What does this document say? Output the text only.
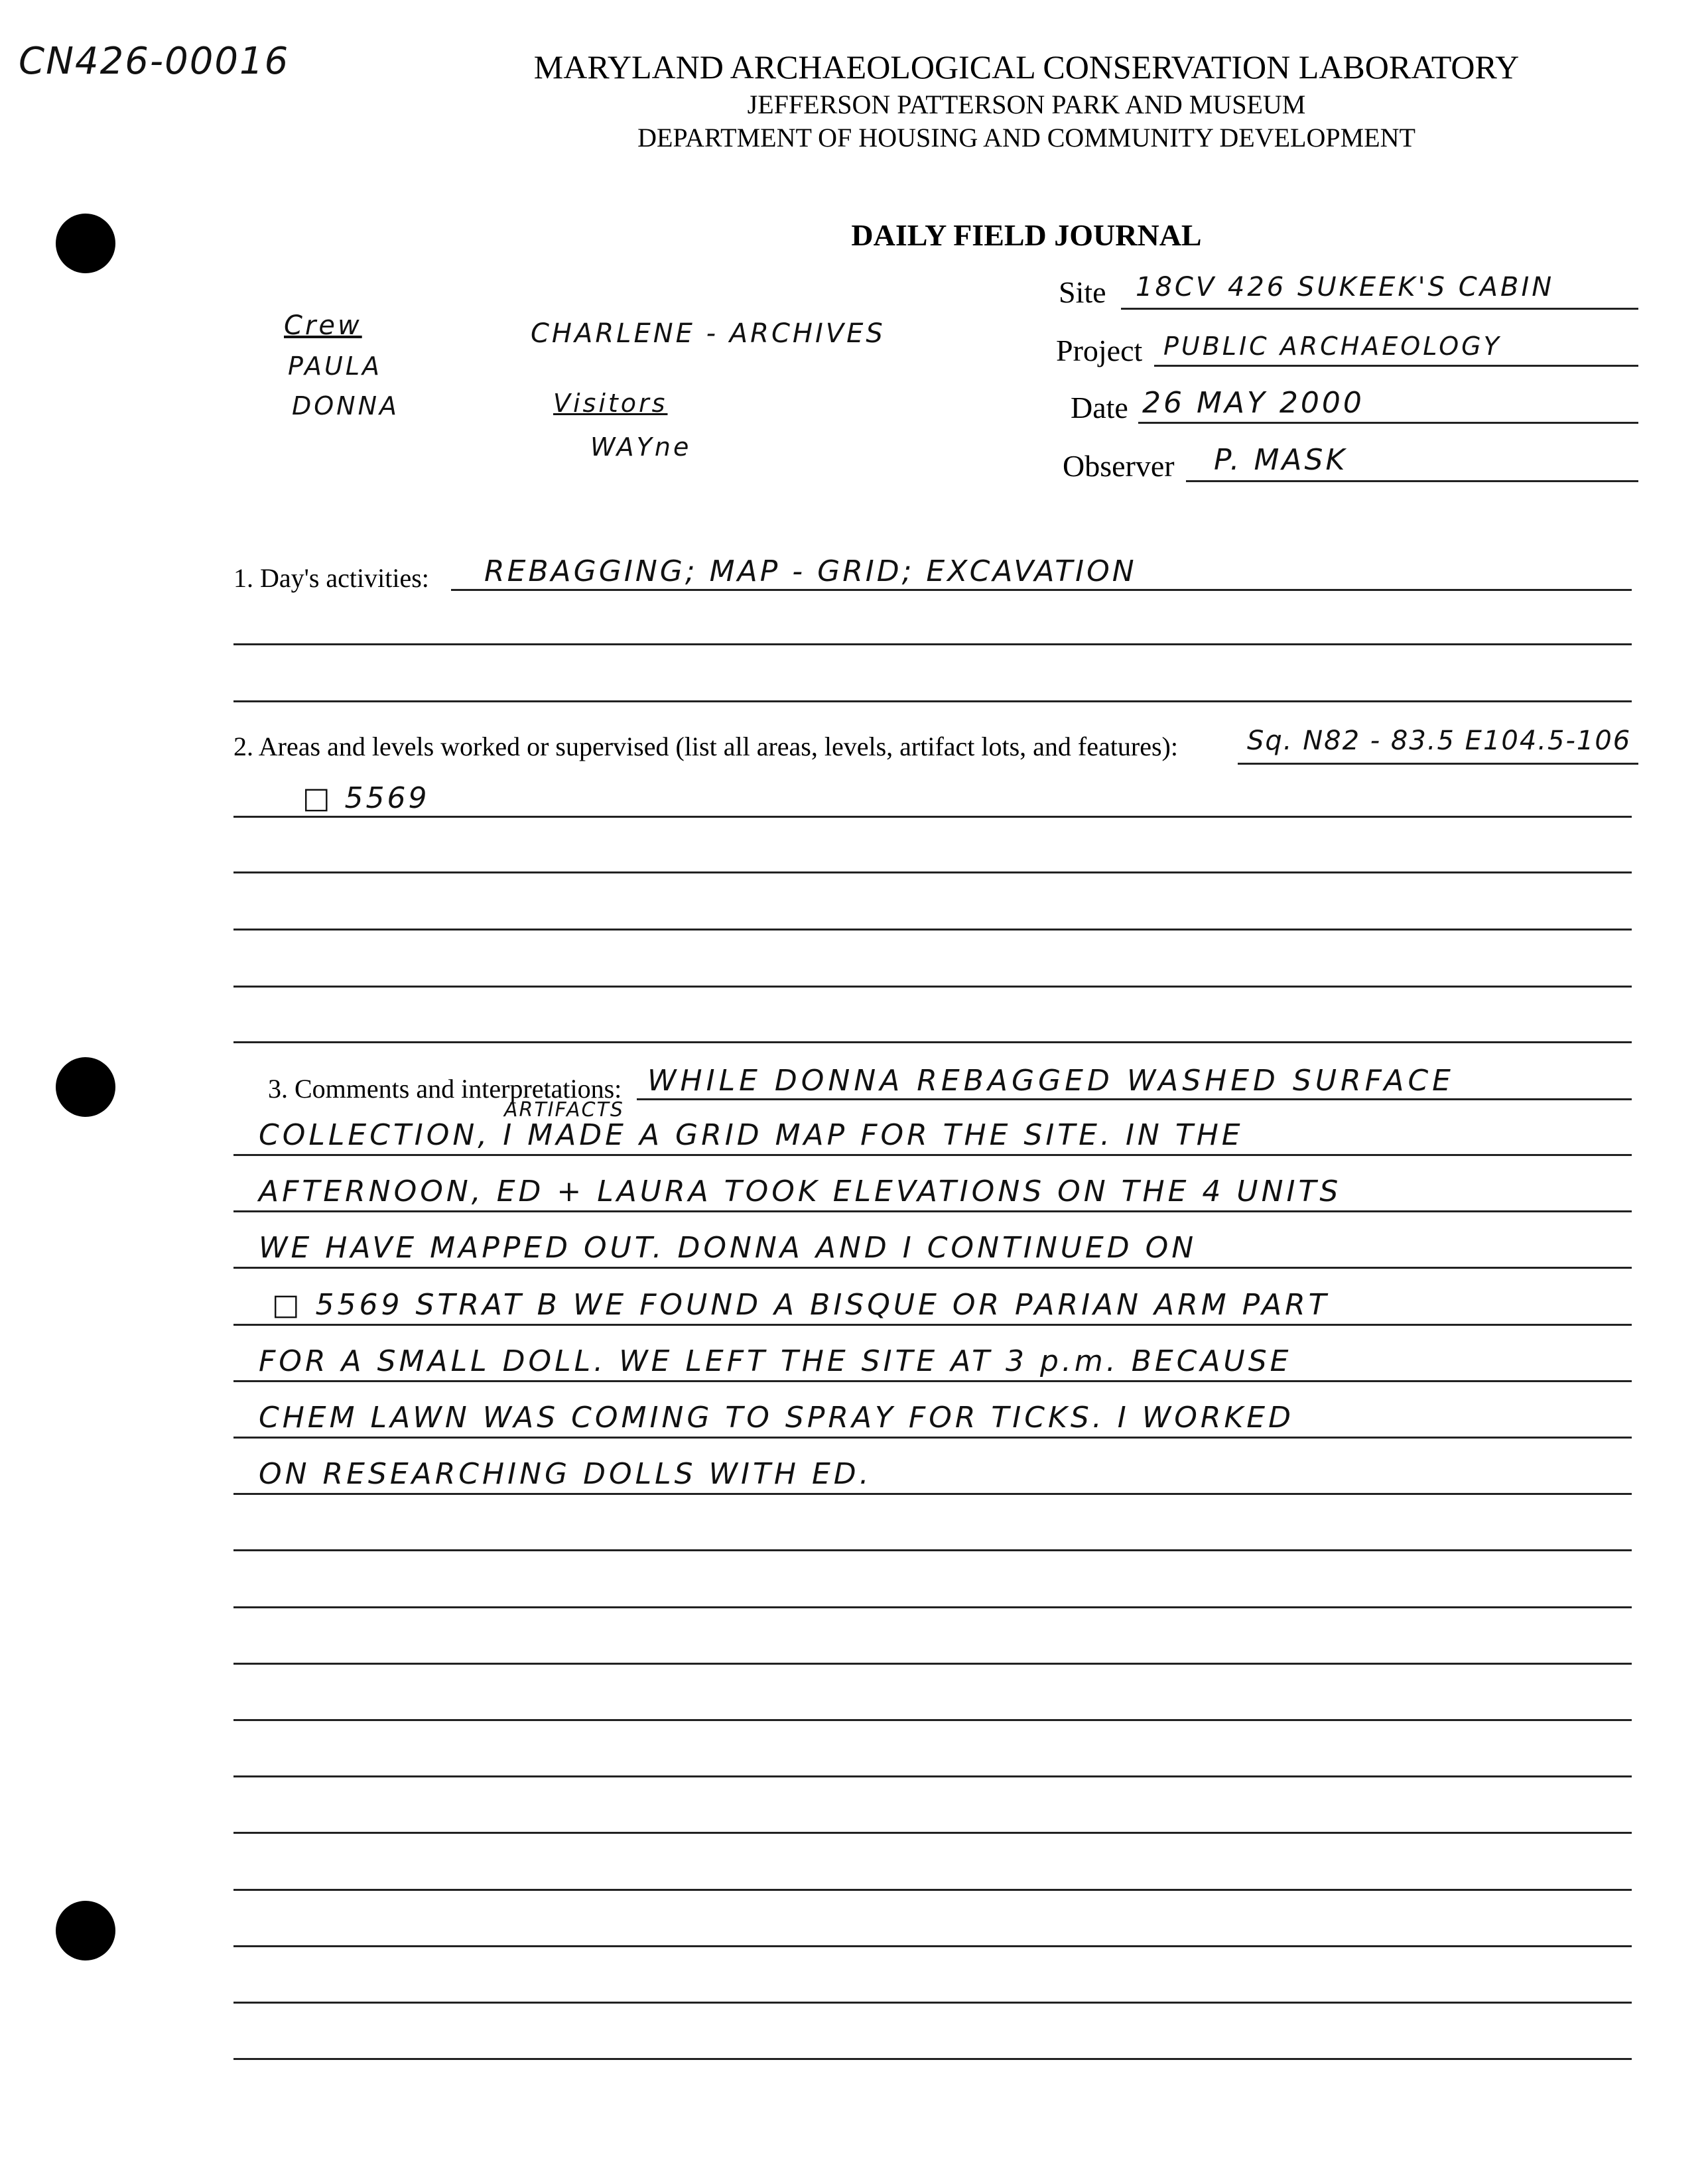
CN426-00016	MARYLAND ARCHAEOLOGICAL CONSERVATION LABORATORY
JEFFERSON PATTERSON PARK AND MUSEUM
DEPARTMENT OF HOUSING AND COMMUNITY DEVELOPMENT
DAILY FIELD JOURNAL
Crew
PAULA
DONNA
CHARLENE - ARCHIVES
Visitors
WAYne
Site 18CV 426 SUKEEK'S CABIN
Project PUBLIC ARCHAEOLOGY
Date 26 MAY 2000
Observer P. MASK
1. Day's activities: REBAGGING; MAP - GRID; EXCAVATION
2. Areas and levels worked or supervised (list all areas, levels, artifact lots, and features):	Sq. N82 - 83.5 E104.5-106
□ 5569
3. Comments and interpretations: WHILE DONNA REBAGGED WASHED SURFACE
ARTIFACTS
COLLECTION, I MADE A GRID MAP FOR THE SITE. IN THE
AFTERNOON, ED + LAURA TOOK ELEVATIONS ON THE 4 UNITS
WE HAVE MAPPED OUT. DONNA AND I CONTINUED ON
□ 5569 STRAT B WE FOUND A BISQUE OR PARIAN ARM PART
FOR A SMALL DOLL. WE LEFT THE SITE AT 3 p.m. BECAUSE
CHEM LAWN WAS COMING TO SPRAY FOR TICKS. I WORKED
ON RESEARCHING DOLLS WITH ED.
